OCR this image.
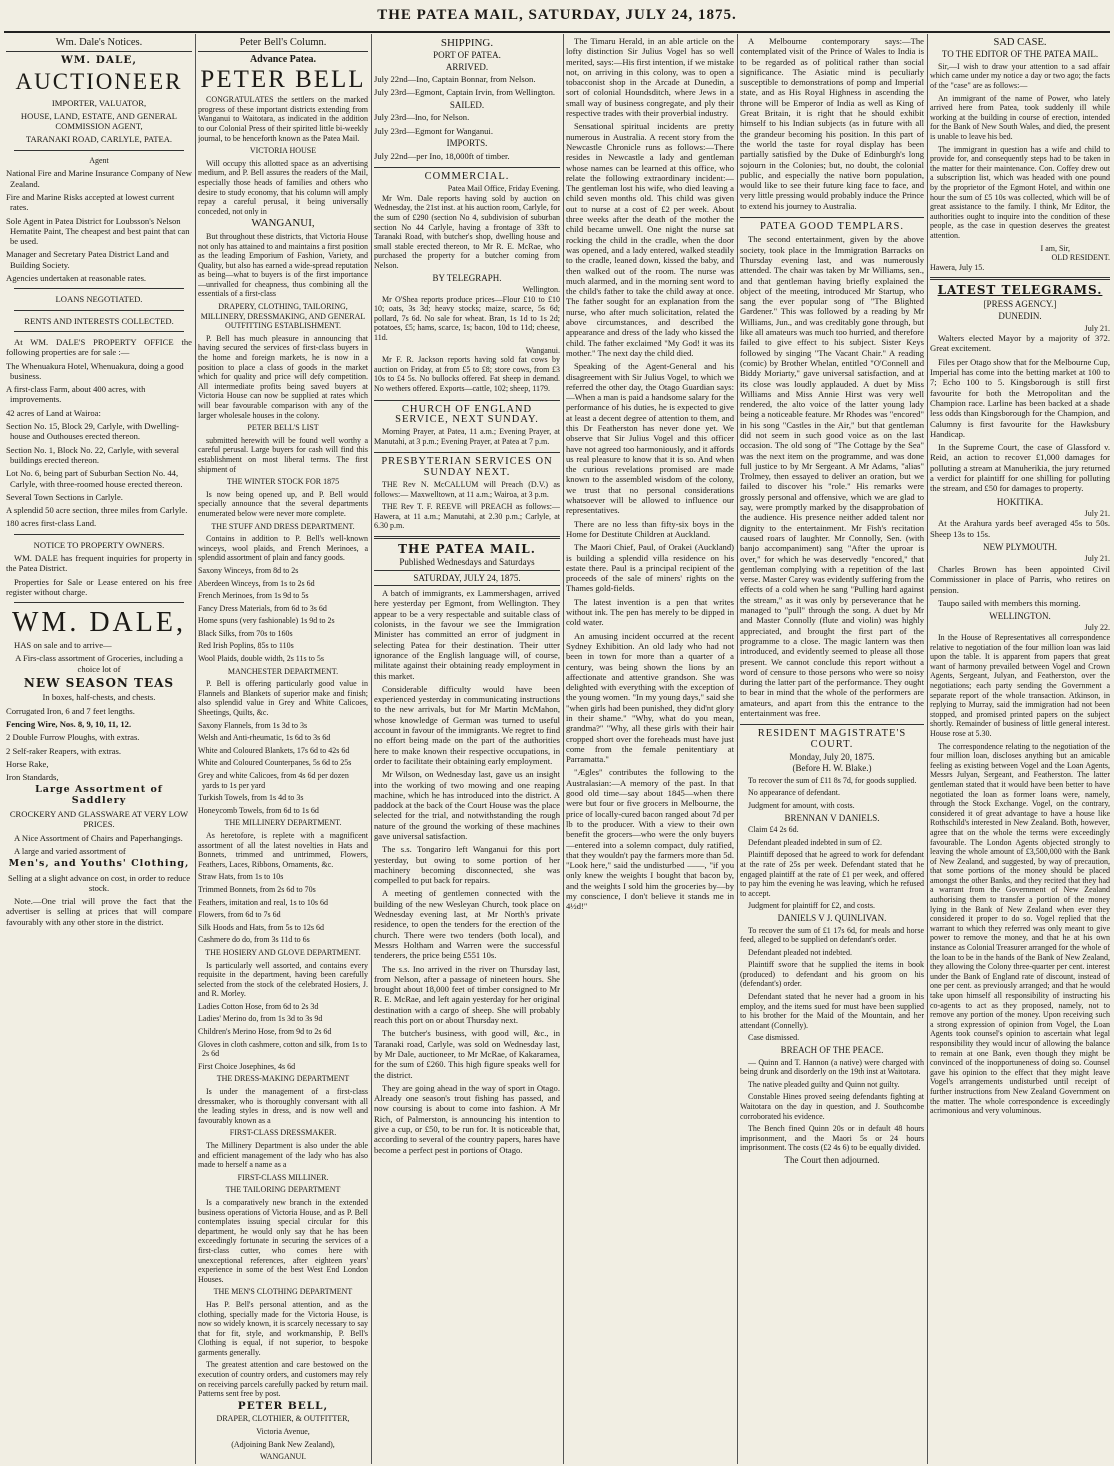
THE PATEA MAIL, SATURDAY, JULY 24, 1875.
Wm. Dale's Notices.
WM. DALE,
AUCTIONEER
IMPORTER, VALUATOR,
HOUSE, LAND, ESTATE, AND GENERAL COMMISSION AGENT,
TARANAKI ROAD, CARLYLE, PATEA.
Agent
National Fire and Marine Insurance Company of New Zealand.
Fire and Marine Risks accepted at lowest current rates.
Sole Agent in Patea District for Loubsson's Nelson Hematite Paint, The cheapest and best paint that can be used.
Manager and Secretary Patea District Land and Building Society.
Agencies undertaken at reasonable rates.
LOANS NEGOTIATED.
RENTS AND INTERESTS COLLECTED.
At WM. DALE'S PROPERTY OFFICE the following properties are for sale :—
The Whenuakura Hotel, Whenuakura, doing a good business.
A first-class Farm, about 400 acres, with improvements.
42 acres of Land at Wairoa:
Section No. 15, Block 29, Carlyle, with Dwelling-house and Outhouses erected thereon.
Section No. 1, Block No. 22, Carlyle, with several buildings erected thereon.
Lot No. 6, being part of Suburban Section No. 44, Carlyle, with three-roomed house erected thereon.
Several Town Sections in Carlyle.
A splendid 50 acre section, three miles from Carlyle.
180 acres first-class Land.
NOTICE TO PROPERTY OWNERS.
WM. DALE has frequent inquiries for property in the Patea District.
Properties for Sale or Lease entered on his free register without charge.
WM. DALE,
HAS on sale and to arrive—
A Firs-class assortment of Groceries, including a choice lot of
NEW SEASON TEAS
In boxes, half-chests, and chests.
Corrugated Iron, 6 and 7 feet lengths.
Fencing Wire, Nos. 8, 9, 10, 11, 12.
2 Double Furrow Ploughs, with extras.
2 Self-raker Reapers, with extras.
Horse Rake,
Iron Standards,
Large Assortment of Saddlery
CROCKERY AND GLASSWARE AT VERY LOW PRICES.
A Nice Assortment of Chairs and Paperhangings.
A large and varied assortment of
Men's, and Youths' Clothing,
Selling at a slight advance on cost, in order to reduce stock.
Note.—One trial will prove the fact that the advertiser is selling at prices that will compare favourably with any other store in the district.
Peter Bell's Column.
Advance Patea.
PETER BELL
CONGRATULATES the settlers on the marked progress of these important districts extending from Wanganui to Waitotara, as indicated in the addition to our Colonial Press of their spirited little bi-weekly journal, to be henceforth known as the Patea Mail.
VICTORIA HOUSE
Will occupy this allotted space as an advertising medium, and P. Bell assures the readers of the Mail, especially those heads of families and others who desire to study economy, that his column will amply repay a careful perusal, it being universally conceded, not only in
WANGANUI,
But throughout these districts, that Victoria House not only has attained to and maintains a first position as the leading Emporium of Fashion, Variety, and Quality, but also has earned a wide-spread reputation as being—what to buyers is of the first importance—unrivalled for cheapness, thus combining all the essentials of a first-class
DRAPERY, CLOTHING, TAILORING, MILLINERY, DRESSMAKING, AND GENERAL OUTFITTING ESTABLISHMENT.
P. Bell has much pleasure in announcing that having secured the services of first-class buyers in the home and foreign markets, he is now in a position to place a class of goods in the market which for quality and price will defy competition. All intermediate profits being saved buyers at Victoria House can now be supplied at rates which will bear favourable comparison with any of the larger wholesale houses in the colony.
PETER BELL'S LIST
submitted herewith will be found well worthy a careful perusal. Large buyers for cash will find this establishment on most liberal terms. The first shipment of
THE WINTER STOCK FOR 1875
Is now being opened up, and P. Bell would specially announce that the several departments enumerated below were never more complete.
THE STUFF AND DRESS DEPARTMENT.
Contains in addition to P. Bell's well-known winceys, wool plaids, and French Merinoes, a splendid assortment of plain and fancy goods.
Saxony Winceys, from 8d to 2s
Aberdeen Winceys, from 1s to 2s 6d
French Merinoes, from 1s 9d to 5s
Fancy Dress Materials, from 6d to 3s 6d
Home spuns (very fashionable) 1s 9d to 2s
Black Silks, from 70s to 160s
Red Irish Poplins, 85s to 110s
Wool Plaids, double width, 2s 11s to 5s
MANCHESTER DEPARTMENT.
P. Bell is offering particularly good value in Flannels and Blankets of superior make and finish; also splendid value in Grey and White Calicoes, Sheetings, Quilts, &c.
Saxony Flannels, from 1s 3d to 3s
Welsh and Anti-rheumatic, 1s 6d to 3s 6d
White and Coloured Blankets, 17s 6d to 42s 6d
White and Coloured Counterpanes, 5s 6d to 25s
Grey and white Calicoes, from 4s 6d per dozen yards to 1s per yard
Turkish Towels, from 1s 4d to 3s
Honeycomb Towels, from 6d to 1s 6d
THE MILLINERY DEPARTMENT.
As heretofore, is replete with a magnificent assortment of all the latest novelties in Hats and Bonnets, trimmed and untrimmed, Flowers, Feathers, Laces, Ribbons, Ornaments, &c.
Straw Hats, from 1s to 10s
Trimmed Bonnets, from 2s 6d to 70s
Feathers, imitation and real, 1s to 10s 6d
Flowers, from 6d to 7s 6d
Silk Hoods and Hats, from 5s to 12s 6d
Cashmere do do, from 3s 11d to 6s
THE HOSIERY AND GLOVE DEPARTMENT.
Is particularly well assorted, and contains every requisite in the department, having been carefully selected from the stock of the celebrated Hosiers, J. and R. Morley.
Ladies Cotton Hose, from 6d to 2s 3d
Ladies' Merino do, from 1s 3d to 3s 9d
Children's Merino Hose, from 9d to 2s 6d
Gloves in cloth cashmere, cotton and silk, from 1s to 2s 6d
First Choice Josephines, 4s 6d
THE DRESS-MAKING DEPARTMENT
Is under the management of a first-class dressmaker, who is thoroughly conversant with all the leading styles in dress, and is now well and favourably known as a
FIRST-CLASS DRESSMAKER.
The Millinery Department is also under the able and efficient management of the lady who has also made to herself a name as a
FIRST-CLASS MILLINER.
THE TAILORING DEPARTMENT
Is a comparatively new branch in the extended business operations of Victoria House, and as P. Bell contemplates issuing special circular for this department, he would only say that he has been exceedingly fortunate in securing the services of a first-class cutter, who comes here with unexceptional references, after eighteen years' experience in some of the best West End London Houses.
THE MEN'S CLOTHING DEPARTMENT
Has P. Bell's personal attention, and as the clothing, specially made for the Victoria House, is now so widely known, it is scarcely necessary to say that for fit, style, and workmanship, P. Bell's Clothing is equal, if not superior, to bespoke garments generally.
The greatest attention and care bestowed on the execution of country orders, and customers may rely on receiving parcels carefully packed by return mail. Patterns sent free by post.
PETER BELL,
DRAPER, CLOTHIER, & OUTFITTER,
Victoria Avenue,
(Adjoining Bank New Zealand),
WANGANUI.
SHIPPING.
PORT OF PATEA.
ARRIVED.
July 22nd—Ino, Captain Bonnar, from Nelson.
July 23rd—Egmont, Captain Irvin, from Wellington.
SAILED.
July 23rd—Ino, for Nelson.
July 23rd—Egmont for Wanganui.
IMPORTS.
July 22nd—per Ino, 18,000ft of timber.
COMMERCIAL.
Patea Mail Office, Friday Evening.
Mr Wm. Dale reports having sold by auction on Wednesday, the 21st inst. at his auction room, Carlyle, for the sum of £290 (section No 4, subdivision of suburban section No 44 Carlyle, having a frontage of 33ft to Taranaki Road, with butcher's shop, dwelling house and small stable erected thereon, to Mr R. E. McRae, who purchased the property for a butcher coming from Nelson.
BY TELEGRAPH.
Wellington.
Mr O'Shea reports produce prices—Flour £10 to £10 10; oats, 3s 3d; heavy stocks; maize, scarce, 5s 6d; pollard, 7s 6d. No sale for wheat. Bran, 1s 1d to 1s 2d; potatoes, £5; hams, scarce, 1s; bacon, 10d to 11d; cheese, 11d.
Wanganui.
Mr F. R. Jackson reports having sold fat cows by auction on Friday, at from £5 to £8; store cows, from £3 10s to £4 5s. No bullocks offered. Fat sheep in demand. No wethers offered. Exports—cattle, 102; sheep, 1179.
CHURCH OF ENGLAND SERVICE, NEXT SUNDAY.
Morning Prayer, at Patea, 11 a.m.; Evening Prayer, at Manutahi, at 3 p.m.; Evening Prayer, at Patea at 7 p.m.
PRESBYTERIAN SERVICES ON SUNDAY NEXT.
THE Rev N. McCALLUM will Preach (D.V.) as follows:— Maxwelltown, at 11 a.m.; Wairoa, at 3 p.m.
THE Rev T. F. REEVE will PREACH as follows:— Hawera, at 11 a.m.; Manutahi, at 2.30 p.m.; Carlyle, at 6.30 p.m.
THE PATEA MAIL.
Published Wednesdays and Saturdays
SATURDAY, JULY 24, 1875.
A batch of immigrants, ex Lammershagen, arrived here yesterday per Egmont, from Wellington. They appear to be a very respectable and suitable class of colonists, in the favour we see the Immigration Minister has committed an error of judgment in selecting Patea for their destination. Their utter ignorance of the English language will, of course, militate against their obtaining ready employment in this market.
Considerable difficulty would have been experienced yesterday in communicating instructions to the new arrivals, but for Mr Martin McMahon, whose knowledge of German was turned to useful account in favour of the immigrants. We regret to find no effort being made on the part of the authorities here to make known their respective occupations, in order to facilitate their obtaining early employment.
Mr Wilson, on Wednesday last, gave us an insight into the working of two mowing and one reaping machine, which he has introduced into the district. A paddock at the back of the Court House was the place selected for the trial, and notwithstanding the rough nature of the ground the working of these machines gave universal satisfaction.
The s.s. Tongariro left Wanganui for this port yesterday, but owing to some portion of her machinery becoming disconnected, she was compelled to put back for repairs.
A meeting of gentlemen connected with the building of the new Wesleyan Church, took place on Wednesday evening last, at Mr North's private residence, to open the tenders for the erection of the church. There were two tenders (both local), and Messrs Holtham and Warren were the successful tenderers, the price being £551 10s.
The s.s. Ino arrived in the river on Thursday last, from Nelson, after a passage of nineteen hours. She brought about 18,000 feet of timber consigned to Mr R. E. McRae, and left again yesterday for her original destination with a cargo of sheep. She will probably reach this port on or about Thursday next.
The butcher's business, with good will, &c., in Taranaki road, Carlyle, was sold on Wednesday last, by Mr Dale, auctioneer, to Mr McRae, of Kakaramea, for the sum of £260. This high figure speaks well for the district.
They are going ahead in the way of sport in Otago. Already one season's trout fishing has passed, and now coursing is about to come into fashion. A Mr Rich, of Palmerston, is announcing his intention to give a cup, or £50, to be run for. It is noticeable that, according to several of the country papers, hares have become a perfect pest in portions of Otago.
The Timaru Herald, in an able article on the lofty distinction Sir Julius Vogel has so well merited, says:—His first intention, if we mistake not, on arriving in this colony, was to open a tobacconist shop in the Arcade at Dunedin, a sort of colonial Houndsditch, where Jews in a small way of business congregate, and ply their respective trades with their proverbial industry.
Sensational spiritual incidents are pretty numerous in Australia. A recent story from the Newcastle Chronicle runs as follows:—There resides in Newcastle a lady and gentleman whose names can be learned at this office, who relate the following extraordinary incident:—The gentleman lost his wife, who died leaving a child seven months old. This child was given out to nurse at a cost of £2 per week. About three weeks after the death of the mother the child became unwell. One night the nurse sat rocking the child in the cradle, when the door was opened, and a lady entered, walked steadily to the cradle, leaned down, kissed the baby, and then walked out of the room. The nurse was much alarmed, and in the morning sent word to the child's father to take the child away at once. The father sought for an explanation from the nurse, who after much solicitation, related the above circumstances, and described the appearance and dress of the lady who kissed the child. The father exclaimed "My God! it was its mother." The next day the child died.
Speaking of the Agent-General and his disagreement with Sir Julius Vogel, to which we referred the other day, the Otago Guardian says:—When a man is paid a handsome salary for the performance of his duties, he is expected to give at least a decent degree of attention to them, and this Dr Featherston has never done yet. We observe that Sir Julius Vogel and this officer have not agreed too harmoniously, and it affords us real pleasure to know that it is so. And when the curious revelations promised are made known to the assembled wisdom of the colony, we trust that no personal considerations whatsoever will be allowed to influence our representatives.
There are no less than fifty-six boys in the Home for Destitute Children at Auckland.
The Maori Chief, Paul, of Orakei (Auckland) is building a splendid villa residence on his estate there. Paul is a principal recipient of the proceeds of the sale of miners' rights on the Thames gold-fields.
The latest invention is a pen that writes without ink. The pen has merely to be dipped in cold water.
An amusing incident occurred at the recent Sydney Exhibition. An old lady who had not been in town for more than a quarter of a century, was being shown the lions by an affectionate and attentive grandson. She was delighted with everything with the exception of the young women. "In my young days," said she "when girls had been punished, they did'nt glory in their shame." "Why, what do you mean, grandma?" "Why, all these girls with their hair cropped short over the foreheads must have just come from the female penitentiary at Parramatta."
"Ægles" contributes the following to the Australasian:—A memory of the past. In that good old time—say about 1845—when there were but four or five grocers in Melbourne, the price of locally-cured bacon ranged about 7d per lb to the producer. With a view to their own benefit the grocers—who were the only buyers—entered into a solemn compact, duly ratified, that they wouldn't pay the farmers more than 5d. "Look here," said the undisturbed ——, "if you only knew the weights I bought that bacon by, and the weights I sold him the groceries by—by my conscience, I don't believe it stands me in 4½d!"
A Melbourne contemporary says:—The contemplated visit of the Prince of Wales to India is to be regarded as of political rather than social significance. The Asiatic mind is peculiarly susceptible to demonstrations of pomp and Imperial state, and as His Royal Highness in ascending the throne will be Emperor of India as well as King of Great Britain, it is right that he should exhibit himself to his Indian subjects (as in future with all the grandeur becoming his position. In this part of the world the taste for royal display has been partially satisfied by the Duke of Edinburgh's long sojourn in the Colonies; but, no doubt, the colonial public, and especially the native born population, would like to see their future king face to face, and very little pressing would probably induce the Prince to extend his journey to Australia.
PATEA GOOD TEMPLARS.
The second entertainment, given by the above society, took place in the Immigration Barracks on Thursday evening last, and was numerously attended. The chair was taken by Mr Williams, sen., and that gentleman having briefly explained the object of the meeting, introduced Mr Startup, who sang the ever popular song of "The Blighted Gardener." This was followed by a reading by Mr Williams, Jun., and was creditably gone through, but like all amateurs was much too hurried, and therefore failed to give effect to his subject. Sister Keys followed by singing "The Vacant Chair." A reading (comic) by Brother Whelan, entitled "O'Connell and Biddy Moriarty," gave universal satisfaction, and at its close was loudly applauded. A duet by Miss Williams and Miss Annie Hirst was very well rendered, the alto voice of the latter young lady being a noticeable feature. Mr Rhodes was "encored" in his song "Castles in the Air," but that gentleman did not seem in such good voice as on the last occasion. The old song of "The Cottage by the Sea" was the next item on the programme, and was done full justice to by Mr Sergeant. A Mr Adams, "alias" Trolmey, then essayed to deliver an oration, but we failed to discover his "role." His remarks were grossly personal and offensive, which we are glad to say, were promptly marked by the disapprobation of the audience. His presence neither added talent nor dignity to the entertainment. Mr Fish's recitation caused roars of laughter. Mr Connolly, Sen. (with banjo accompaniment) sang "After the uproar is over," for which he was deservedly "encored," that gentleman complying with a repetition of the last verse. Master Carey was evidently suffering from the effects of a cold when he sang "Pulling hard against the stream," as it was only by perseverance that he managed to "pull" through the song. A duet by Mr and Master Connolly (flute and violin) was highly appreciated, and brought the first part of the programme to a close. The magic lantern was then introduced, and evidently seemed to please all those present. We cannot conclude this report without a word of censure to those persons who were so noisy during the latter part of the performance. They ought to bear in mind that the whole of the performers are amateurs, and apart from this the entrance to the entertainment was free.
RESIDENT MAGISTRATE'S COURT.
Monday, July 20, 1875.
(Before H. W. Blake.)
To recover the sum of £11 8s 7d, for goods supplied.
No appearance of defendant.
Judgment for amount, with costs.
BRENNAN V DANIELS.
Claim £4 2s 6d.
Defendant pleaded indebted in sum of £2.
Plaintiff deposed that he agreed to work for defendant at the rate of 25s per week. Defendant stated that he engaged plaintiff at the rate of £1 per week, and offered to pay him the evening he was leaving, which he refused to accept.
Judgment for plaintiff for £2, and costs.
DANIELS V J. QUINLIVAN.
To recover the sum of £1 17s 6d, for meals and horse feed, alleged to be supplied on defendant's order.
Defendant pleaded not indebted.
Plaintiff swore that he supplied the items in book (produced) to defendant and his groom on his (defendant's) order.
Defendant stated that he never had a groom in his employ, and the items sued for must have been supplied to his brother for the Maid of the Mountain, and her attendant (Connelly).
Case dismissed.
BREACH OF THE PEACE.
— Quinn and T. Hannon (a native) were charged with being drunk and disorderly on the 19th inst at Waitotara.
The native pleaded guilty and Quinn not guilty.
Constable Hines proved seeing defendants fighting at Waitotara on the day in question, and J. Southcombe corroborated his evidence.
The Bench fined Quinn 20s or in default 48 hours imprisonment, and the Maori 5s or 24 hours imprisonment. The costs (£2 4s 6) to be equally divided.
The Court then adjourned.
SAD CASE.
TO THE EDITOR OF THE PATEA MAIL.
Sir,—I wish to draw your attention to a sad affair which came under my notice a day or two ago; the facts of the "case" are as follows:—
An immigrant of the name of Power, who lately arrived here from Patea, took suddenly ill while working at the building in course of erection, intended for the Bank of New South Wales, and died, the present is unable to leave his bed.
The immigrant in question has a wife and child to provide for, and consequently steps had to be taken in the matter for their maintenance. Con. Coffey drew out a subscription list, which was headed with one pound by the proprietor of the Egmont Hotel, and within one hour the sum of £5 10s was collected, which will be of great assistance to the family. I think, Mr Editor, the authorities ought to inquire into the condition of these people, as the case in question deserves the greatest attention.
I am, Sir,
OLD RESIDENT.
Hawera, July 15.
LATEST TELEGRAMS.
[PRESS AGENCY.]
DUNEDIN.
July 21.
Walters elected Mayor by a majority of 372. Great excitement.
Files per Otago show that for the Melbourne Cup, Imperial has come into the betting market at 100 to 7; Echo 100 to 5. Kingsborough is still first favourite for both the Metropolitan and the Champion race. Larline has been backed at a shade less odds than Kingsborough for the Champion, and Calumny is first favourite for the Hawksbury Handicap.
In the Supreme Court, the case of Glassford v. Reid, an action to recover £1,000 damages for polluting a stream at Manuherikia, the jury returned a verdict for plaintiff for one shilling for polluting the stream, and £50 for damages to property.
HOKITIKA.
July 21.
At the Arahura yards beef averaged 45s to 50s. Sheep 13s to 15s.
NEW PLYMOUTH.
July 21.
Charles Brown has been appointed Civil Commissioner in place of Parris, who retires on pension.
Taupo sailed with members this morning.
WELLINGTON.
July 22.
In the House of Representatives all correspondence relative to negotiation of the four million loan was laid upon the table. It is apparent from papers that great want of harmony prevailed between Vogel and Crown Agents, Sergeant, Julyan, and Featherston, over the negotiations; each party sending the Government a separate report of the whole transaction. Atkinson, in replying to Murray, said the immigration had not been stopped, and promised printed papers on the subject shortly. Remainder of business of little general interest. House rose at 5.30.
The correspondence relating to the negotiation of the four million loan, discloses anything but an amicable feeling as existing between Vogel and the Loan Agents, Messrs Julyan, Sergeant, and Featherston. The latter gentleman stated that it would have been better to have negotiated the loan as former loans were, namely, through the Stock Exchange. Vogel, on the contrary, considered it of great advantage to have a house like Rothschild's interested in New Zealand. Both, however, agree that on the whole the terms were exceedingly favourable. The London Agents objected strongly to leaving the whole amount of £3,500,000 with the Bank of New Zealand, and suggested, by way of precaution, that some portions of the money should be placed amongst the other Banks, and they recited that they had a warrant from the Government of New Zealand authorising them to transfer a portion of the money lying in the Bank of New Zealand when ever they considered it proper to do so. Vogel replied that the warrant to which they referred was only meant to give power to remove the money, and that he at his own instance as Colonial Treasurer arranged for the whole of the loan to be in the hands of the Bank of New Zealand, they allowing the Colony three-quarter per cent. interest under the Bank of England rate of discount, instead of one per cent. as previously arranged; and that he would take upon himself all responsibility of instructing his co-agents to act as they proposed, namely, not to remove any portion of the money. Upon receiving such a strong expression of opinion from Vogel, the Loan Agents took counsel's opinion to ascertain what legal responsibility they would incur of allowing the balance to remain at one Bank, even though they might be convinced of the inopportuneness of doing so. Counsel gave his opinion to the effect that they might leave Vogel's arrangements undisturbed until receipt of further instructions from New Zealand Government on the matter. The whole correspondence is exceedingly acrimonious and very voluminous.
